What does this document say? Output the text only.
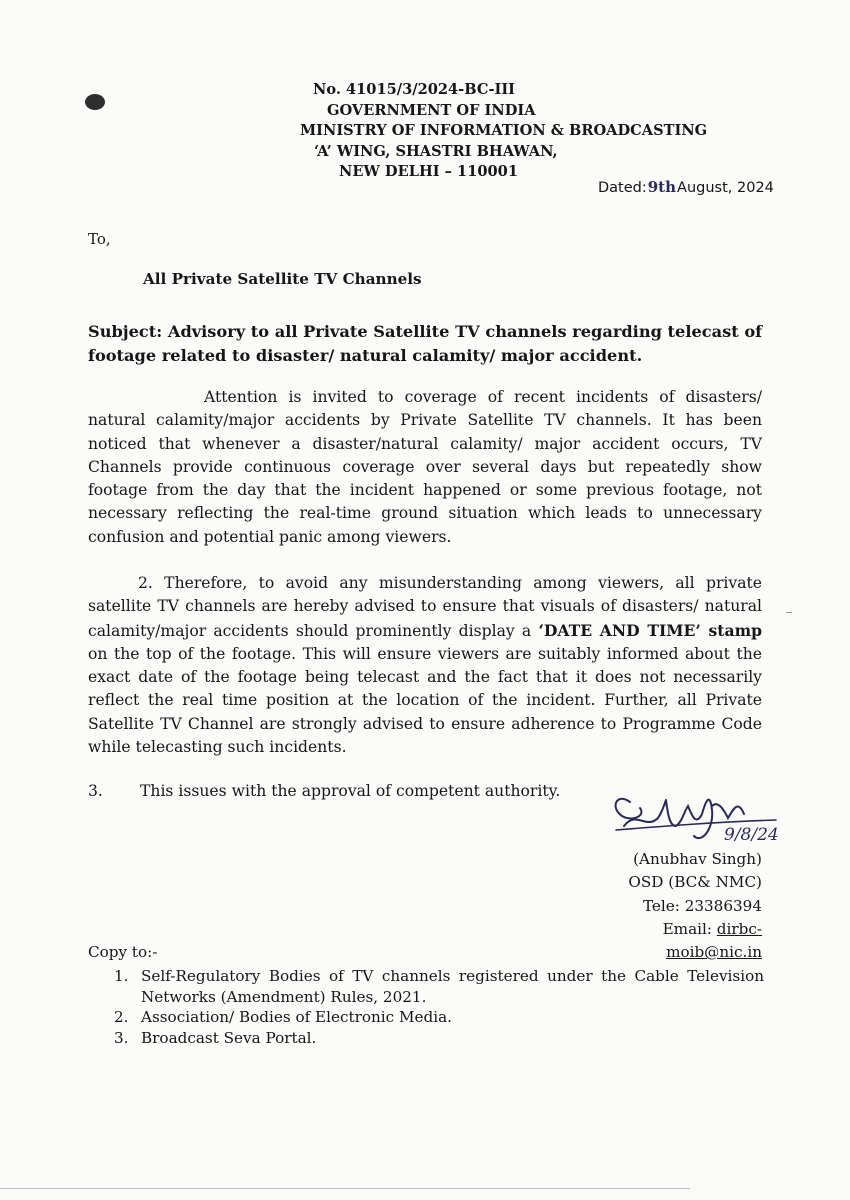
No. 41015/3/2024-BC-III
GOVERNMENT OF INDIA
MINISTRY OF INFORMATION & BROADCASTING
‘A’ WING, SHASTRI BHAWAN,
NEW DELHI – 110001
Dated:9thAugust, 2024
To,
All Private Satellite TV Channels
Subject: Advisory to all Private Satellite TV channels regarding telecast of footage related to disaster/ natural calamity/ major accident.
Attention is invited to coverage of recent incidents of disasters/ natural calamity/major accidents by Private Satellite TV channels. It has been noticed that whenever a disaster/natural calamity/ major accident occurs, TV Channels provide continuous coverage over several days but repeatedly show footage from the day that the incident happened or some previous footage, not necessary reflecting the real-time ground situation which leads to unnecessary confusion and potential panic among viewers.
2. Therefore, to avoid any misunderstanding among viewers, all private satellite TV channels are hereby advised to ensure that visuals of disasters/ natural calamity/major accidents should prominently display a ‘DATE AND TIME’ stamp on the top of the footage. This will ensure viewers are suitably informed about the exact date of the footage being telecast and the fact that it does not necessarily reflect the real time position at the location of the incident. Further, all Private Satellite TV Channel are strongly advised to ensure adherence to Programme Code while telecasting such incidents.
3. This issues with the approval of competent authority.
9/8/24
(Anubhav Singh)
OSD (BC& NMC)
Tele: 23386394
Email: dirbc-moib@nic.in
Copy to:-
1. Self-Regulatory Bodies of TV channels registered under the Cable Television Networks (Amendment) Rules, 2021.
2. Association/ Bodies of Electronic Media.
3. Broadcast Seva Portal.
